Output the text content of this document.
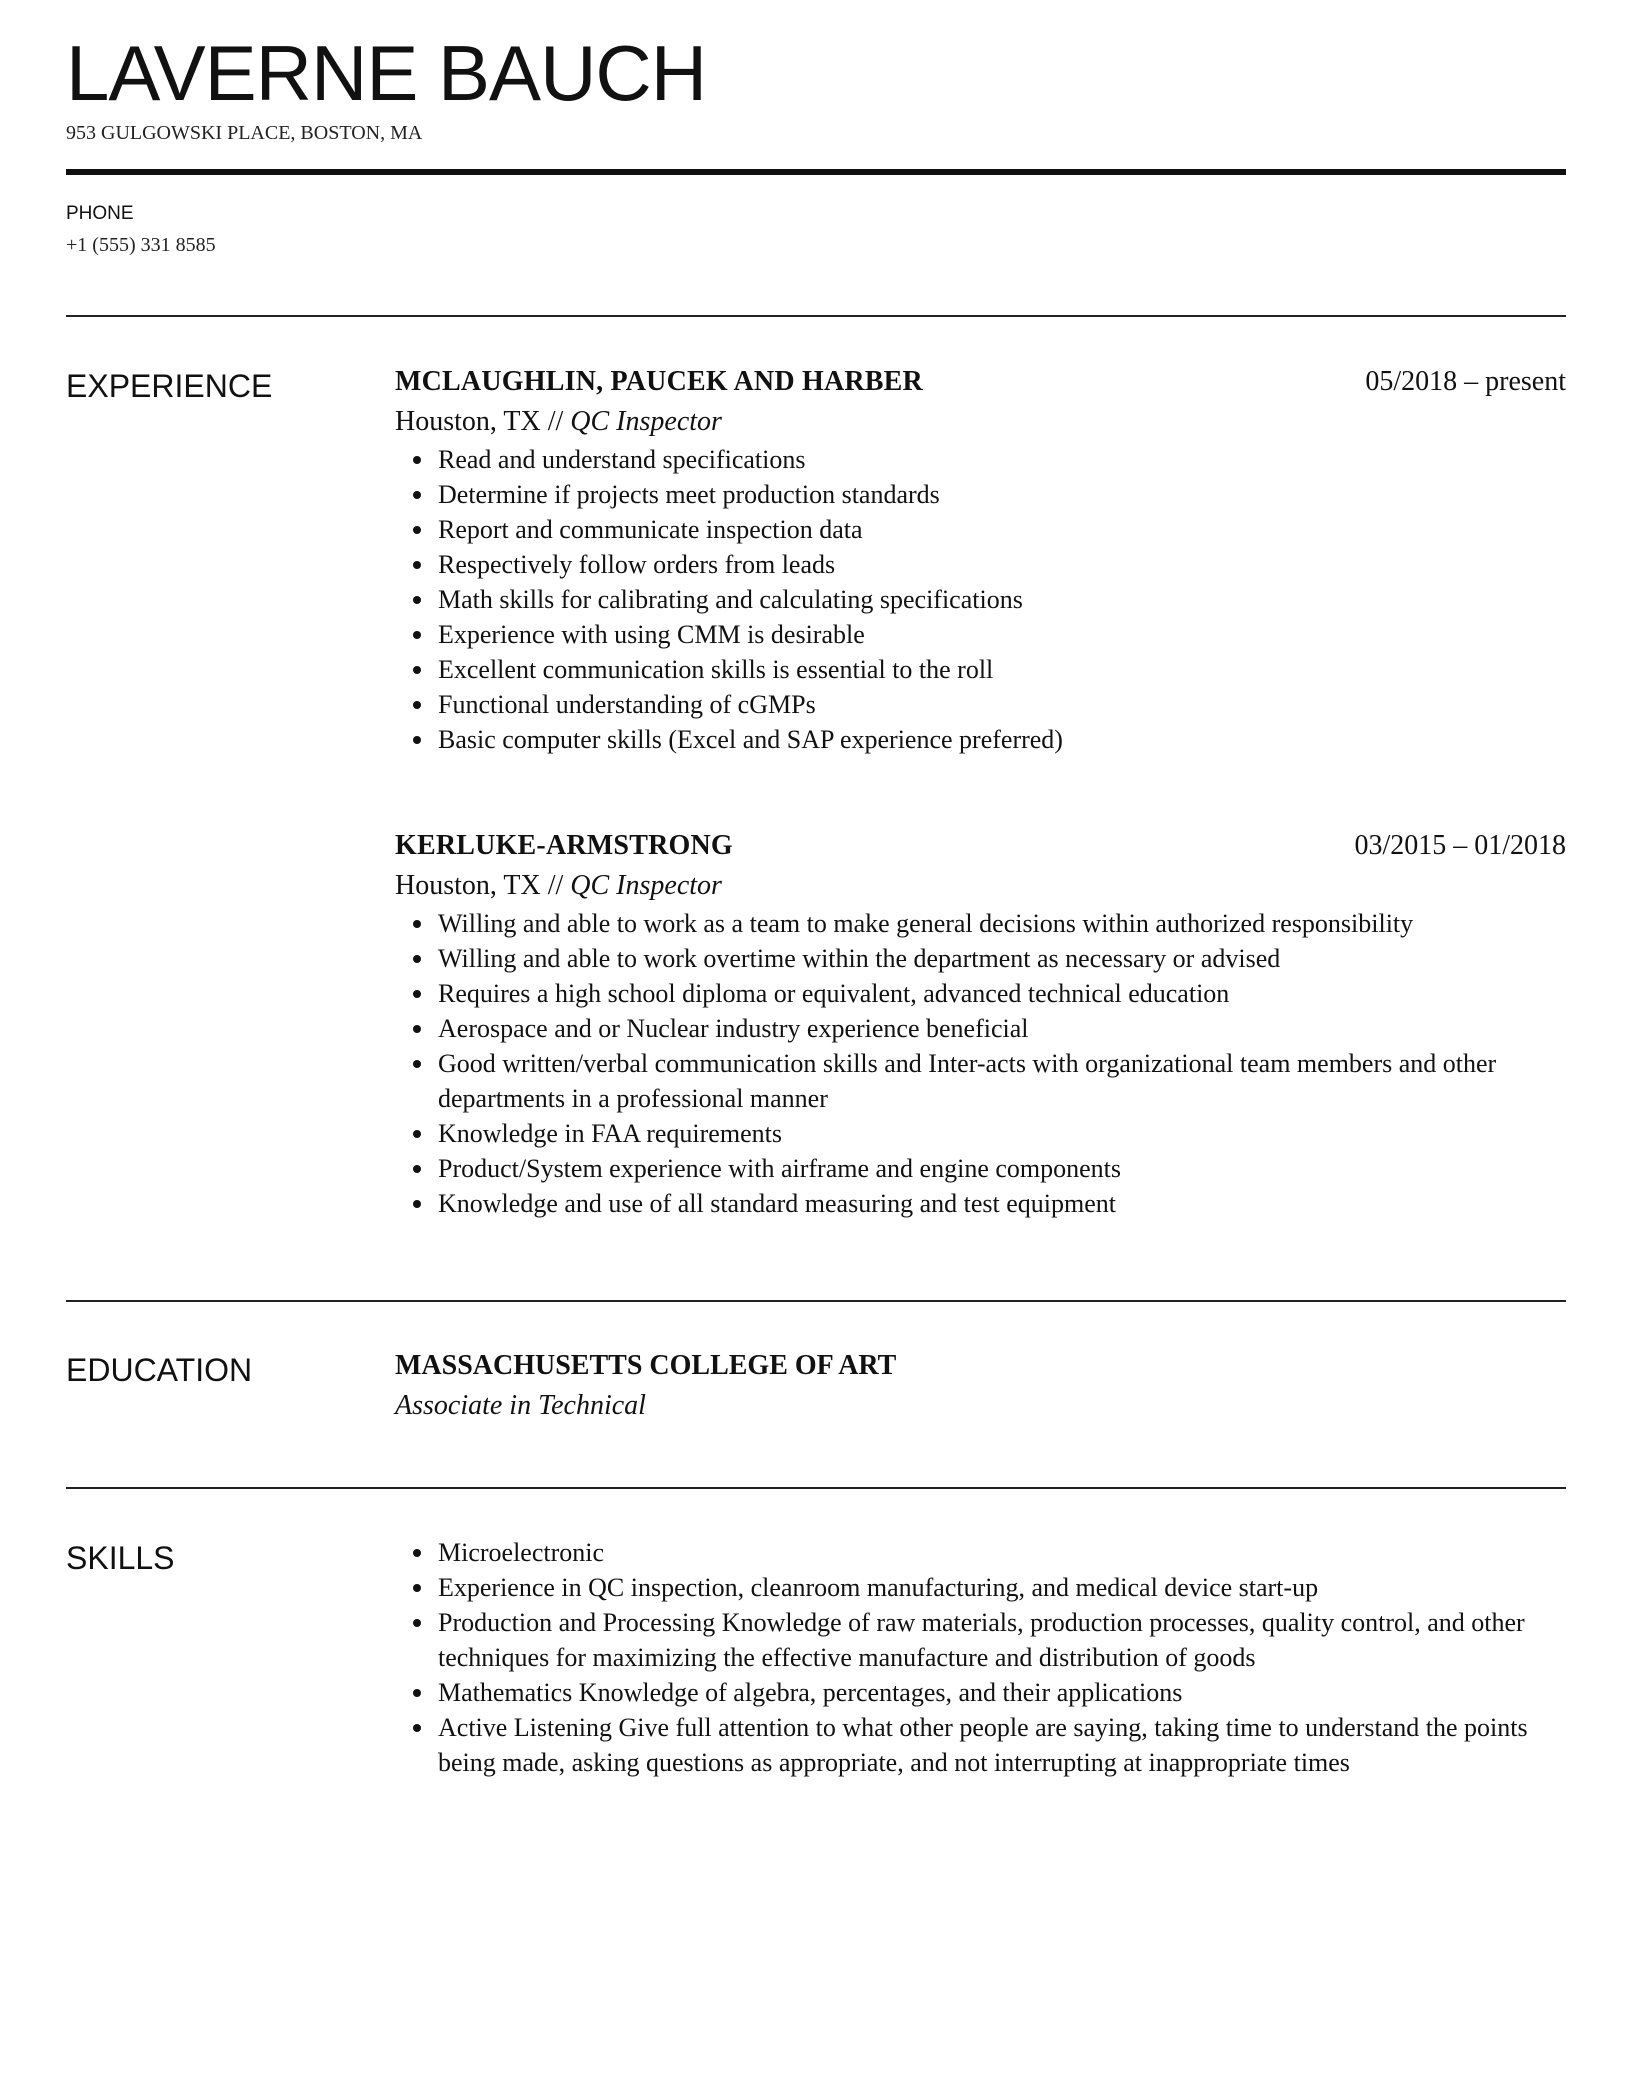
LAVERNE BAUCH
953 GULGOWSKI PLACE, BOSTON, MA
PHONE
+1 (555) 331 8585
EXPERIENCE	MCLAUGHLIN, PAUCEK AND HARBER	05/2018 – present
Houston, TX // QC Inspector
Read and understand specifications
Determine if projects meet production standards
Report and communicate inspection data
Respectively follow orders from leads
Math skills for calibrating and calculating specifications
Experience with using CMM is desirable
Excellent communication skills is essential to the roll
Functional understanding of cGMPs
Basic computer skills (Excel and SAP experience preferred)
KERLUKE-ARMSTRONG	03/2015 – 01/2018
Houston, TX // QC Inspector
Willing and able to work as a team to make general decisions within authorized responsibility
Willing and able to work overtime within the department as necessary or advised
Requires a high school diploma or equivalent, advanced technical education
Aerospace and or Nuclear industry experience beneficial
Good written/verbal communication skills and Inter-acts with organizational team members and other departments in a professional manner
Knowledge in FAA requirements
Product/System experience with airframe and engine components
Knowledge and use of all standard measuring and test equipment
EDUCATION	MASSACHUSETTS COLLEGE OF ART
Associate in Technical
SKILLS	Microelectronic
Experience in QC inspection, cleanroom manufacturing, and medical device start-up
Production and Processing Knowledge of raw materials, production processes, quality control, and other techniques for maximizing the effective manufacture and distribution of goods
Mathematics Knowledge of algebra, percentages, and their applications
Active Listening Give full attention to what other people are saying, taking time to understand the points being made, asking questions as appropriate, and not interrupting at inappropriate times
